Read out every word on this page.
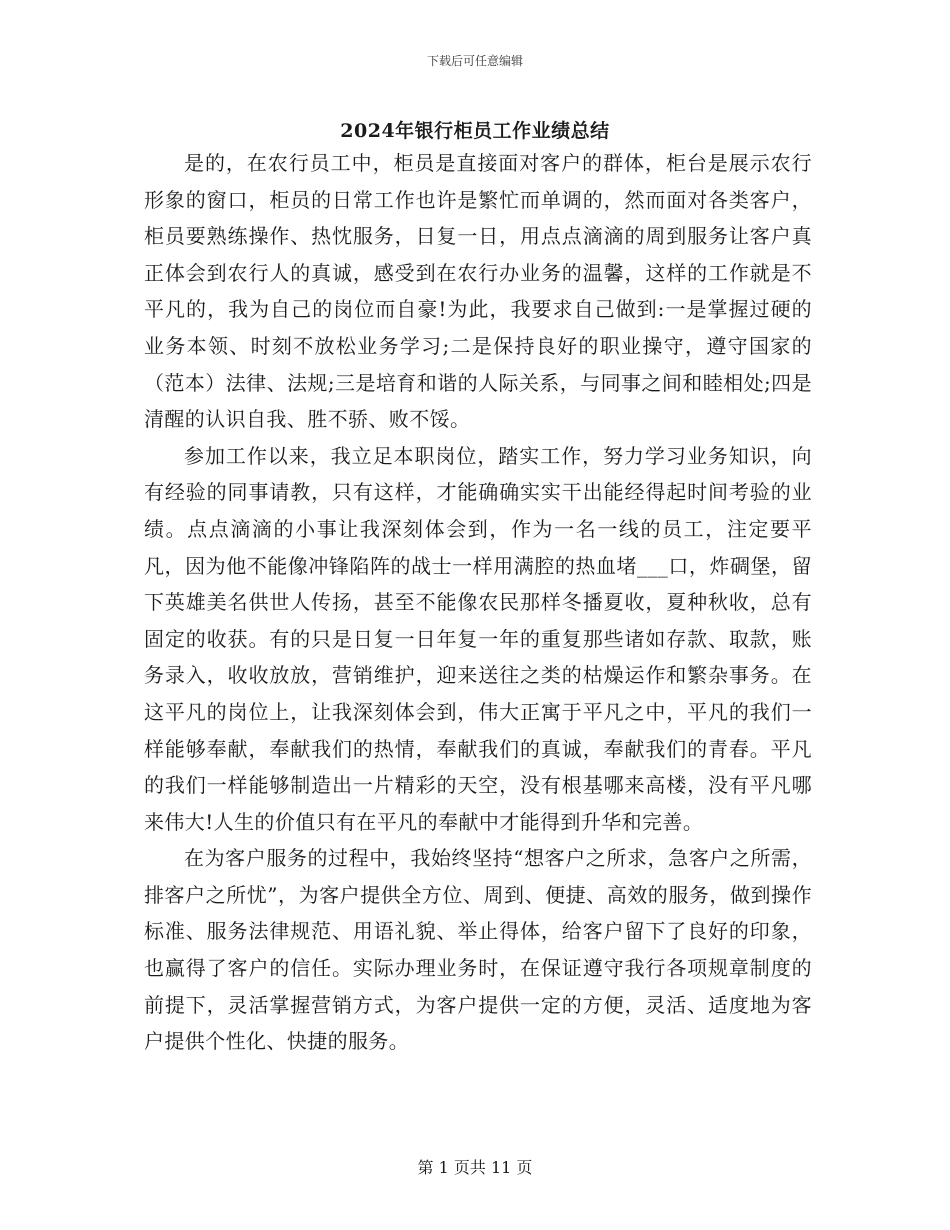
下载后可任意编辑
2024年银行柜员工作业绩总结

是的，在农行员工中，柜员是直接面对客户的群体，柜台是展示农行形象的窗口，柜员的日常工作也许是繁忙而单调的，然而面对各类客户，柜员要熟练操作、热忱服务，日复一日，用点点滴滴的周到服务让客户真正体会到农行人的真诚，感受到在农行办业务的温馨，这样的工作就是不平凡的，我为自己的岗位而自豪!为此，我要求自己做到:一是掌握过硬的业务本领、时刻不放松业务学习;二是保持良好的职业操守，遵守国家的（范本）法律、法规;三是培育和谐的人际关系，与同事之间和睦相处;四是清醒的认识自我、胜不骄、败不馁。

参加工作以来，我立足本职岗位，踏实工作，努力学习业务知识，向有经验的同事请教，只有这样，才能确确实实干出能经得起时间考验的业绩。点点滴滴的小事让我深刻体会到，作为一名一线的员工，注定要平凡，因为他不能像冲锋陷阵的战士一样用满腔的热血堵___口，炸碉堡，留下英雄美名供世人传扬，甚至不能像农民那样冬播夏收，夏种秋收，总有固定的收获。有的只是日复一日年复一年的重复那些诸如存款、取款，账务录入，收收放放，营销维护，迎来送往之类的枯燥运作和繁杂事务。在这平凡的岗位上，让我深刻体会到，伟大正寓于平凡之中，平凡的我们一样能够奉献，奉献我们的热情，奉献我们的真诚，奉献我们的青春。平凡的我们一样能够制造出一片精彩的天空，没有根基哪来高楼，没有平凡哪来伟大!人生的价值只有在平凡的奉献中才能得到升华和完善。

在为客户服务的过程中，我始终坚持“想客户之所求，急客户之所需，排客户之所忧”，为客户提供全方位、周到、便捷、高效的服务，做到操作标准、服务法律规范、用语礼貌、举止得体，给客户留下了良好的印象，也赢得了客户的信任。实际办理业务时，在保证遵守我行各项规章制度的前提下，灵活掌握营销方式，为客户提供一定的方便，灵活、适度地为客户提供个性化、快捷的服务。

第 1 页共 11 页
